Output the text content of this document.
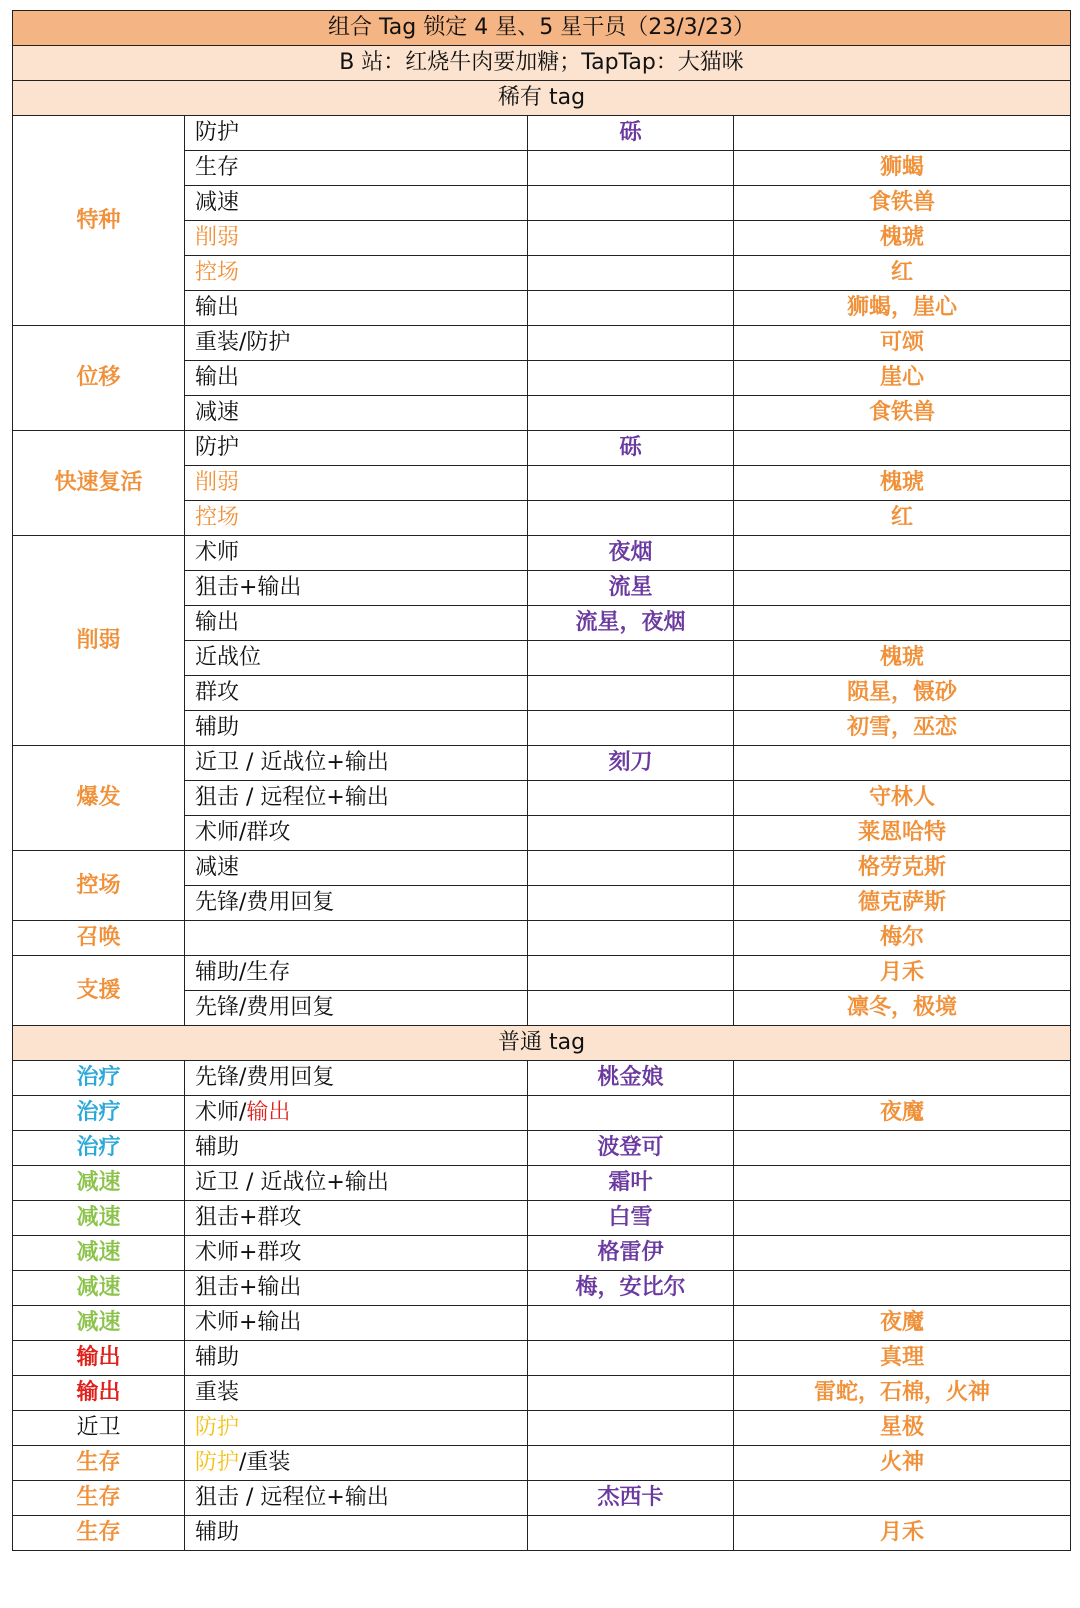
组合 Tag 锁定 4 星、5 星干员（23/3/23）			
B 站：红烧牛肉要加糖；TapTap：大猫咪			
稀有 tag			
特种	防护	砾	
	生存		狮蝎
	减速		食铁兽
	削弱		槐琥
	控场		红
	输出		狮蝎，崖心
位移	重装/防护		可颂
	输出		崖心
	减速		食铁兽
快速复活	防护	砾	
	削弱		槐琥
	控场		红
削弱	术师	夜烟	
	狙击+输出	流星	
	输出	流星，夜烟	
	近战位		槐琥
	群攻		陨星，慑砂
	辅助		初雪，巫恋
爆发	近卫 / 近战位+输出	刻刀	
	狙击 / 远程位+输出		守林人
	术师/群攻		莱恩哈特
控场	减速		格劳克斯
	先锋/费用回复		德克萨斯
召唤			梅尔
支援	辅助/生存		月禾
	先锋/费用回复		凛冬，极境
普通 tag			
治疗	先锋/费用回复	桃金娘	
治疗	术师/输出		夜魔
治疗	辅助	波登可	
减速	近卫 / 近战位+输出	霜叶	
减速	狙击+群攻	白雪	
减速	术师+群攻	格雷伊	
减速	狙击+输出	梅，安比尔	
减速	术师+输出		夜魔
输出	辅助		真理
输出	重装		雷蛇，石棉，火神
近卫	防护		星极
生存	防护/重装		火神
生存	狙击 / 远程位+输出	杰西卡	
生存	辅助		月禾
